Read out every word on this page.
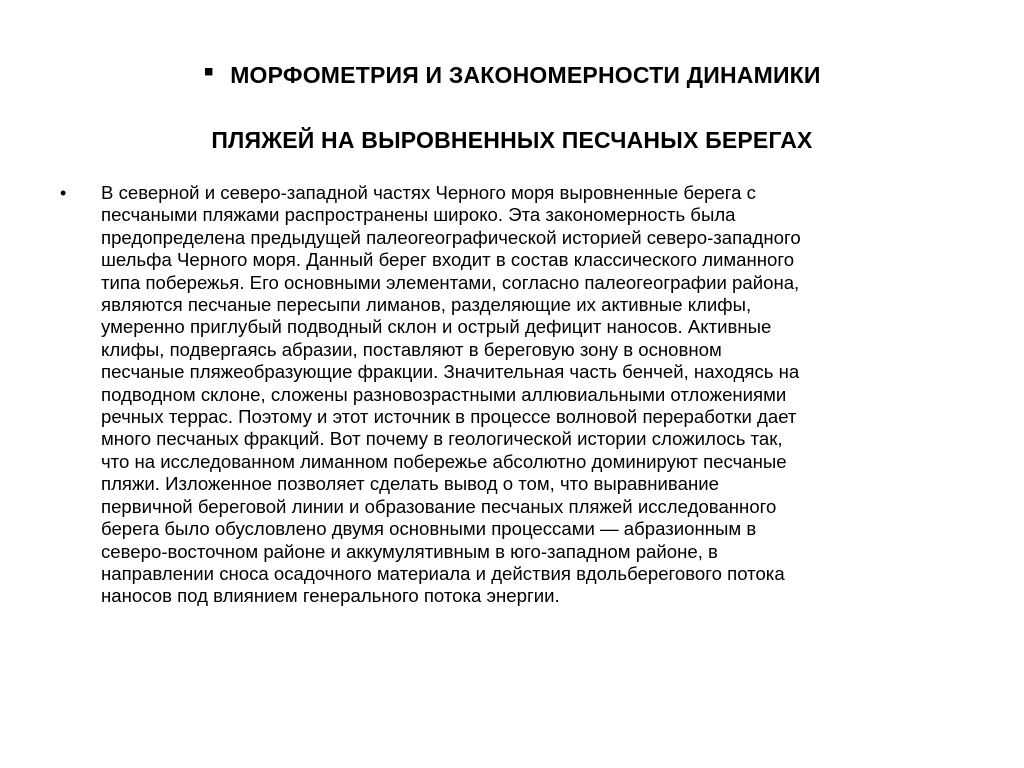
▪ МОРФОМЕТРИЯ И ЗАКОНОМЕРНОСТИ ДИНАМИКИ
ПЛЯЖЕЙ НА ВЫРОВНЕННЫХ ПЕСЧАНЫХ БЕРЕГАХ
• В северной и северо-западной частях Черного моря выровненные берега с
песчаными пляжами распространены широко. Эта закономерность была
предопределена предыдущей палеогеографической историей северо-западного
шельфа Черного моря. Данный берег входит в состав классического лиманного
типа побережья. Его основными элементами, согласно палеогеографии района,
являются песчаные пересыпи лиманов, разделяющие их активные клифы,
умеренно приглубый подводный склон и острый дефицит наносов. Активные
клифы, подвергаясь абразии, поставляют в береговую зону в основном
песчаные пляжеобразующие фракции. Значительная часть бенчей, находясь на
подводном склоне, сложены разновозрастными аллювиальными отложениями
речных террас. Поэтому и этот источник в процессе волновой переработки дает
много песчаных фракций. Вот почему в геологической истории сложилось так,
что на исследованном лиманном побережье абсолютно доминируют песчаные
пляжи. Изложенное позволяет сделать вывод о том, что выравнивание
первичной береговой линии и образование песчаных пляжей исследованного
берега было обусловлено двумя основными процессами — абразионным в
северо-восточном районе и аккумулятивным в юго-западном районе, в
направлении сноса осадочного материала и действия вдольберегового потока
наносов под влиянием генерального потока энергии.
